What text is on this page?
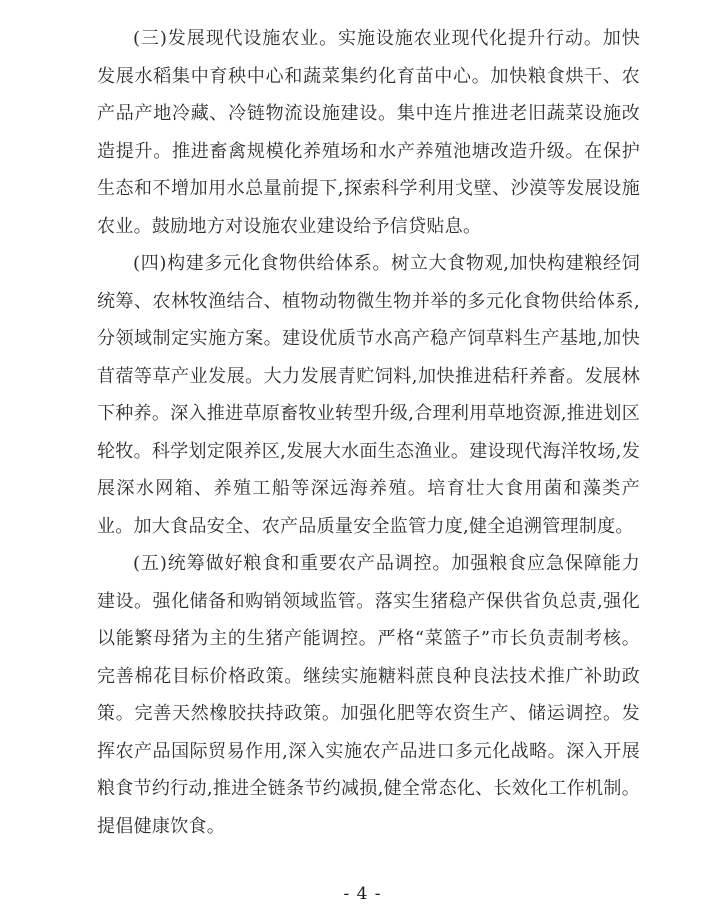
(三)发展现代设施农业。实施设施农业现代化提升行动。加快发展水稻集中育秧中心和蔬菜集约化育苗中心。加快粮食烘干、农产品产地冷藏、冷链物流设施建设。集中连片推进老旧蔬菜设施改造提升。推进畜禽规模化养殖场和水产养殖池塘改造升级。在保护生态和不增加用水总量前提下,探索科学利用戈壁、沙漠等发展设施农业。鼓励地方对设施农业建设给予信贷贴息。

(四)构建多元化食物供给体系。树立大食物观,加快构建粮经饲统筹、农林牧渔结合、植物动物微生物并举的多元化食物供给体系,分领域制定实施方案。建设优质节水高产稳产饲草料生产基地,加快苜蓿等草产业发展。大力发展青贮饲料,加快推进秸秆养畜。发展林下种养。深入推进草原畜牧业转型升级,合理利用草地资源,推进划区轮牧。科学划定限养区,发展大水面生态渔业。建设现代海洋牧场,发展深水网箱、养殖工船等深远海养殖。培育壮大食用菌和藻类产业。加大食品安全、农产品质量安全监管力度,健全追溯管理制度。

(五)统筹做好粮食和重要农产品调控。加强粮食应急保障能力建设。强化储备和购销领域监管。落实生猪稳产保供省负总责,强化以能繁母猪为主的生猪产能调控。严格“菜篮子”市长负责制考核。完善棉花目标价格政策。继续实施糖料蔗良种良法技术推广补助政策。完善天然橡胶扶持政策。加强化肥等农资生产、储运调控。发挥农产品国际贸易作用,深入实施农产品进口多元化战略。深入开展粮食节约行动,推进全链条节约减损,健全常态化、长效化工作机制。提倡健康饮食。

- 4 -
